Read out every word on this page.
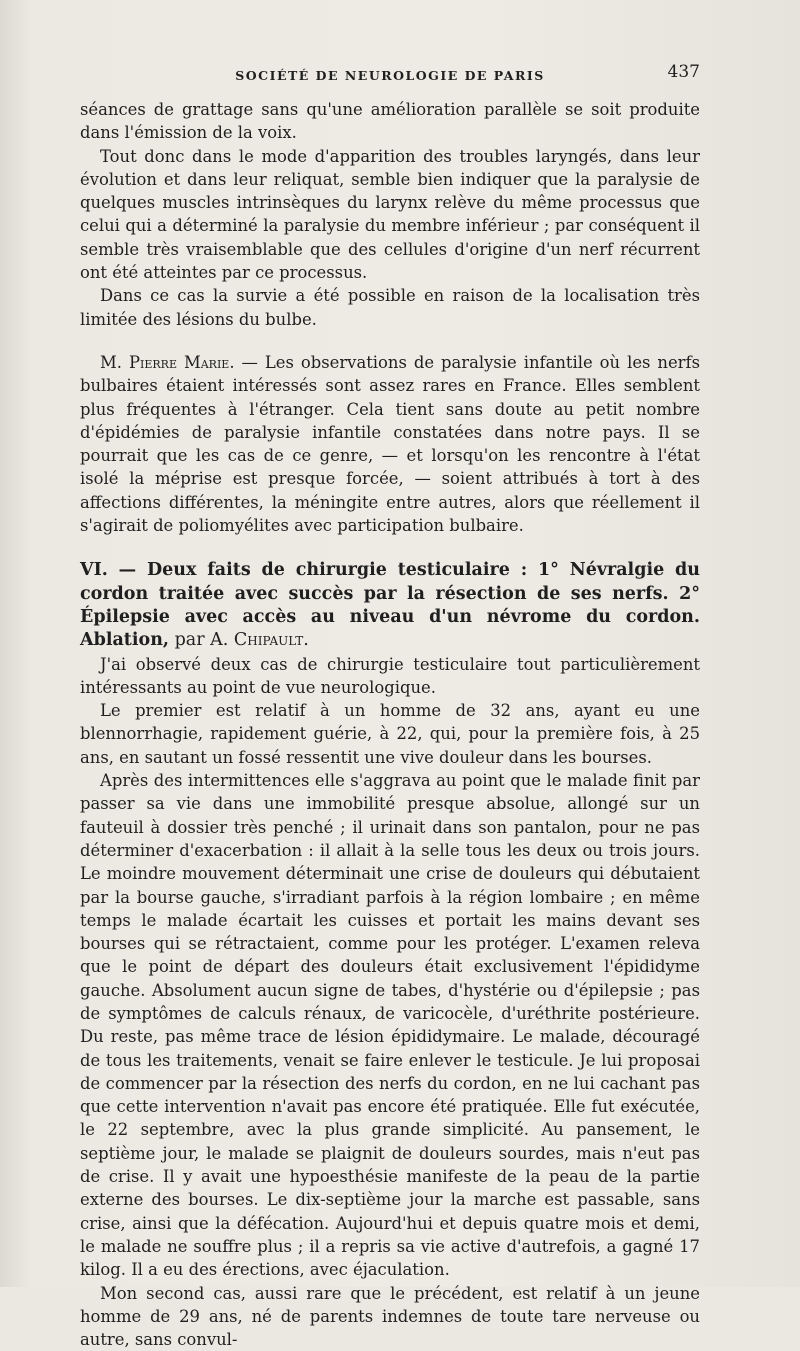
SOCIÉTÉ DE NEUROLOGIE DE PARIS	437

séances de grattage sans qu'une amélioration parallèle se soit produite dans l'émission de la voix.

Tout donc dans le mode d'apparition des troubles laryngés, dans leur évolution et dans leur reliquat, semble bien indiquer que la paralysie de quelques muscles intrinsèques du larynx relève du même processus que celui qui a déterminé la paralysie du membre inférieur ; par conséquent il semble très vraisemblable que des cellules d'origine d'un nerf récurrent ont été atteintes par ce processus.

Dans ce cas la survie a été possible en raison de la localisation très limitée des lésions du bulbe.

M. Pierre Marie. — Les observations de paralysie infantile où les nerfs bulbaires étaient intéressés sont assez rares en France. Elles semblent plus fréquentes à l'étranger. Cela tient sans doute au petit nombre d'épidémies de paralysie infantile constatées dans notre pays. Il se pourrait que les cas de ce genre, — et lorsqu'on les rencontre à l'état isolé la méprise est presque forcée, — soient attribués à tort à des affections différentes, la méningite entre autres, alors que réellement il s'agirait de poliomyélites avec participation bulbaire.

VI. — Deux faits de chirurgie testiculaire : 1° Névralgie du cordon traitée avec succès par la résection de ses nerfs. 2° Épilepsie avec accès au niveau d'un névrome du cordon. Ablation, par A. Chipault.

J'ai observé deux cas de chirurgie testiculaire tout particulièrement intéressants au point de vue neurologique.

Le premier est relatif à un homme de 32 ans, ayant eu une blennorrhagie, rapidement guérie, à 22, qui, pour la première fois, à 25 ans, en sautant un fossé ressentit une vive douleur dans les bourses.

Après des intermittences elle s'aggrava au point que le malade finit par passer sa vie dans une immobilité presque absolue, allongé sur un fauteuil à dossier très penché ; il urinait dans son pantalon, pour ne pas déterminer d'exacerbation : il allait à la selle tous les deux ou trois jours. Le moindre mouvement déterminait une crise de douleurs qui débutaient par la bourse gauche, s'irradiant parfois à la région lombaire ; en même temps le malade écartait les cuisses et portait les mains devant ses bourses qui se rétractaient, comme pour les protéger. L'examen releva que le point de départ des douleurs était exclusivement l'épididyme gauche. Absolument aucun signe de tabes, d'hystérie ou d'épilepsie ; pas de symptômes de calculs rénaux, de varicocèle, d'uréthrite postérieure. Du reste, pas même trace de lésion épididymaire. Le malade, découragé de tous les traitements, venait se faire enlever le testicule. Je lui proposai de commencer par la résection des nerfs du cordon, en ne lui cachant pas que cette intervention n'avait pas encore été pratiquée. Elle fut exécutée, le 22 septembre, avec la plus grande simplicité. Au pansement, le septième jour, le malade se plaignit de douleurs sourdes, mais n'eut pas de crise. Il y avait une hypoesthésie manifeste de la peau de la partie externe des bourses. Le dix-septième jour la marche est passable, sans crise, ainsi que la défécation. Aujourd'hui et depuis quatre mois et demi, le malade ne souffre plus ; il a repris sa vie active d'autrefois, a gagné 17 kilog. Il a eu des érections, avec éjaculation.

Mon second cas, aussi rare que le précédent, est relatif à un jeune homme de 29 ans, né de parents indemnes de toute tare nerveuse ou autre, sans convul-
